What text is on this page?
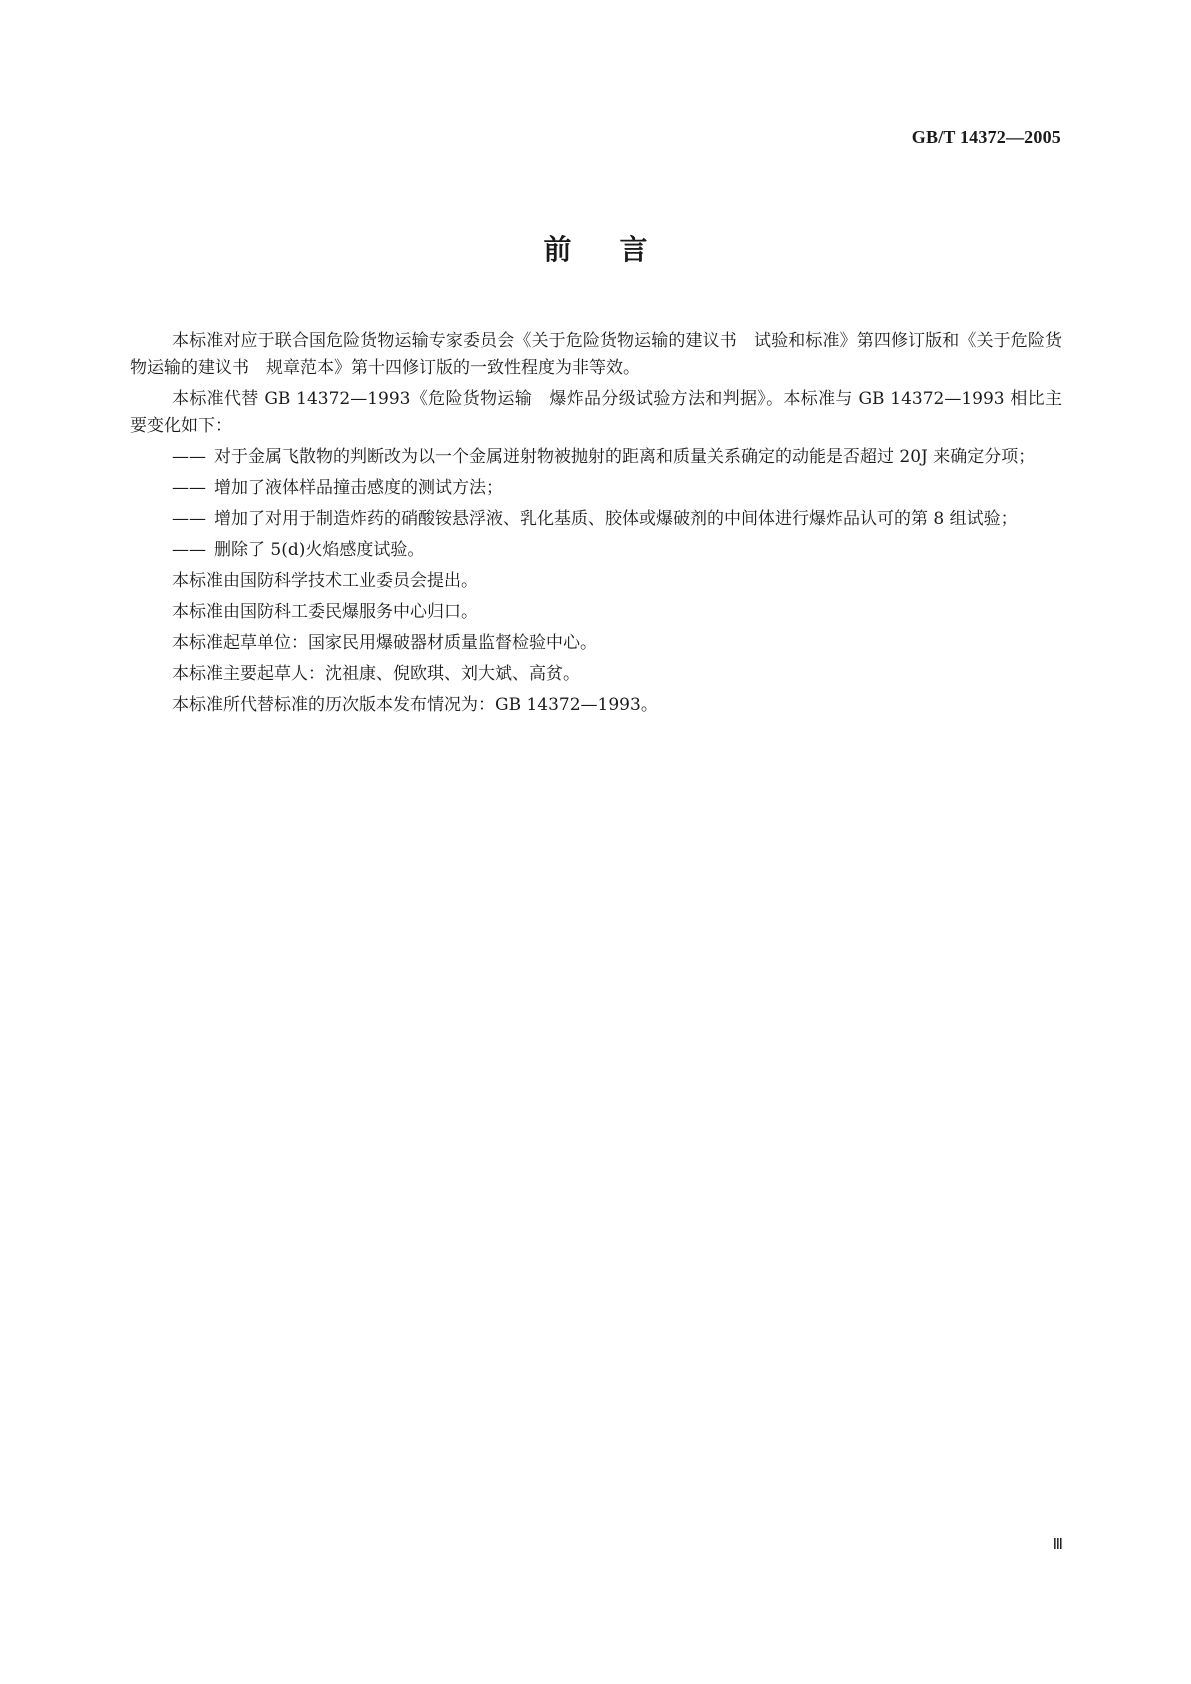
GB/T 14372—2005
前言

本标准对应于联合国危险货物运输专家委员会《关于危险货物运输的建议书　试验和标准》第四修订版和《关于危险货物运输的建议书　规章范本》第十四修订版的一致性程度为非等效。

本标准代替 GB 14372—1993《危险货物运输　爆炸品分级试验方法和判据》。本标准与 GB 14372—1993 相比主要变化如下：

—— 对于金属飞散物的判断改为以一个金属迸射物被抛射的距离和质量关系确定的动能是否超过 20J 来确定分项；

—— 增加了液体样品撞击感度的测试方法；

—— 增加了对用于制造炸药的硝酸铵悬浮液、乳化基质、胶体或爆破剂的中间体进行爆炸品认可的第 8 组试验；

—— 删除了 5(d)火焰感度试验。

本标准由国防科学技术工业委员会提出。

本标准由国防科工委民爆服务中心归口。

本标准起草单位：国家民用爆破器材质量监督检验中心。

本标准主要起草人：沈祖康、倪欧琪、刘大斌、高贫。

本标准所代替标准的历次版本发布情况为：GB 14372—1993。

Ⅲ
